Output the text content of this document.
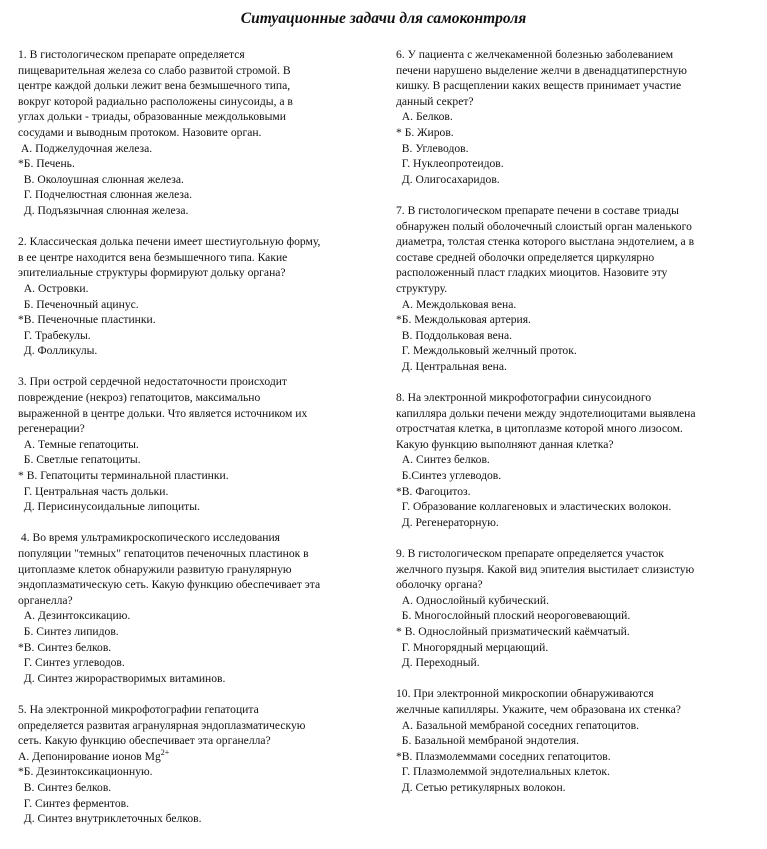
Ситуационные задачи для самоконтроля
1. В гистологическом препарате определяется
пищеварительная железа со слабо развитой стромой. В
центре каждой дольки лежит вена безмышечного типа,
вокруг которой радиально расположены синусоиды, а в
углах дольки - триады, образованные междольковыми
сосудами и выводным протоком. Назовите орган.
А. Поджелудочная железа.
*Б. Печень.
В. Околоушная слюнная железа.
Г. Подчелюстная слюнная железа.
Д. Подъязычная слюнная железа.
2. Классическая долька печени имеет шестиугольную форму,
в ее центре находится вена безмышечного типа. Какие
эпителиальные структуры формируют дольку органа?
А. Островки.
Б. Печеночный ацинус.
*В. Печеночные пластинки.
Г. Трабекулы.
Д. Фолликулы.
3. При острой сердечной недостаточности происходит
повреждение (некроз) гепатоцитов, максимально
выраженной в центре дольки. Что является источником их
регенерации?
А. Темные гепатоциты.
Б. Светлые гепатоциты.
* В. Гепатоциты терминальной пластинки.
Г. Центральная часть дольки.
Д. Перисинусоидальные липоциты.
4. Во время ультрамикроскопического исследования
популяции "темных" гепатоцитов печеночных пластинок в
цитоплазме клеток обнаружили развитую гранулярную
эндоплазматическую сеть. Какую функцию обеспечивает эта
органелла?
А. Дезинтоксикацию.
Б. Синтез липидов.
*В. Синтез белков.
Г. Синтез углеводов.
Д. Синтез жирорастворимых витаминов.
5. На электронной микрофотографии гепатоцита
определяется развитая агранулярная эндоплазматическую
сеть. Какую функцию обеспечивает эта органелла?
А. Депонирование ионов $Mg^{2+}$
*Б. Дезинтоксикационную.
В. Синтез белков.
Г. Синтез ферментов.
Д. Синтез внутриклеточных белков.
6. У пациента с желчекаменной болезнью заболеванием
печени нарушено выделение желчи в двенадцатиперстную
кишку. В расщеплении каких веществ принимает участие
данный секрет?
А. Белков.
* Б. Жиров.
В. Углеводов.
Г. Нуклеопротеидов.
Д. Олигосахаридов.
7. В гистологическом препарате печени в составе триады
обнаружен полый оболочечный слоистый орган маленького
диаметра, толстая стенка которого выстлана эндотелием, а в
составе средней оболочки определяется циркулярно
расположенный пласт гладких миоцитов. Назовите эту
структуру.
А. Междольковая вена.
*Б. Междольковая артерия.
В. Поддольковая вена.
Г. Междольковый желчный проток.
Д. Центральная вена.
8. На электронной микрофотографии синусоидного
капилляра дольки печени между эндотелиоцитами выявлена
отростчатая клетка, в цитоплазме которой много лизосом.
Какую функцию выполняют данная клетка?
А. Синтез белков.
Б.Синтез углеводов.
*В. Фагоцитоз.
Г. Образование коллагеновых и эластических волокон.
Д. Регенераторную.
9. В гистологическом препарате определяется участок
желчного пузыря. Какой вид эпителия выстилает слизистую
оболочку органа?
А. Однослойный кубический.
Б. Многослойный плоский неороговевающий.
* В. Однослойный призматический каёмчатый.
Г. Многорядный мерцающий.
Д. Переходный.
10. При электронной микроскопии обнаруживаются
желчные капилляры. Укажите, чем образована их стенка?
А. Базальной мембраной соседних гепатоцитов.
Б. Базальной мембраной эндотелия.
*В. Плазмолеммами соседних гепатоцитов.
Г. Плазмолеммой эндотелиальных клеток.
Д. Сетью ретикулярных волокон.
